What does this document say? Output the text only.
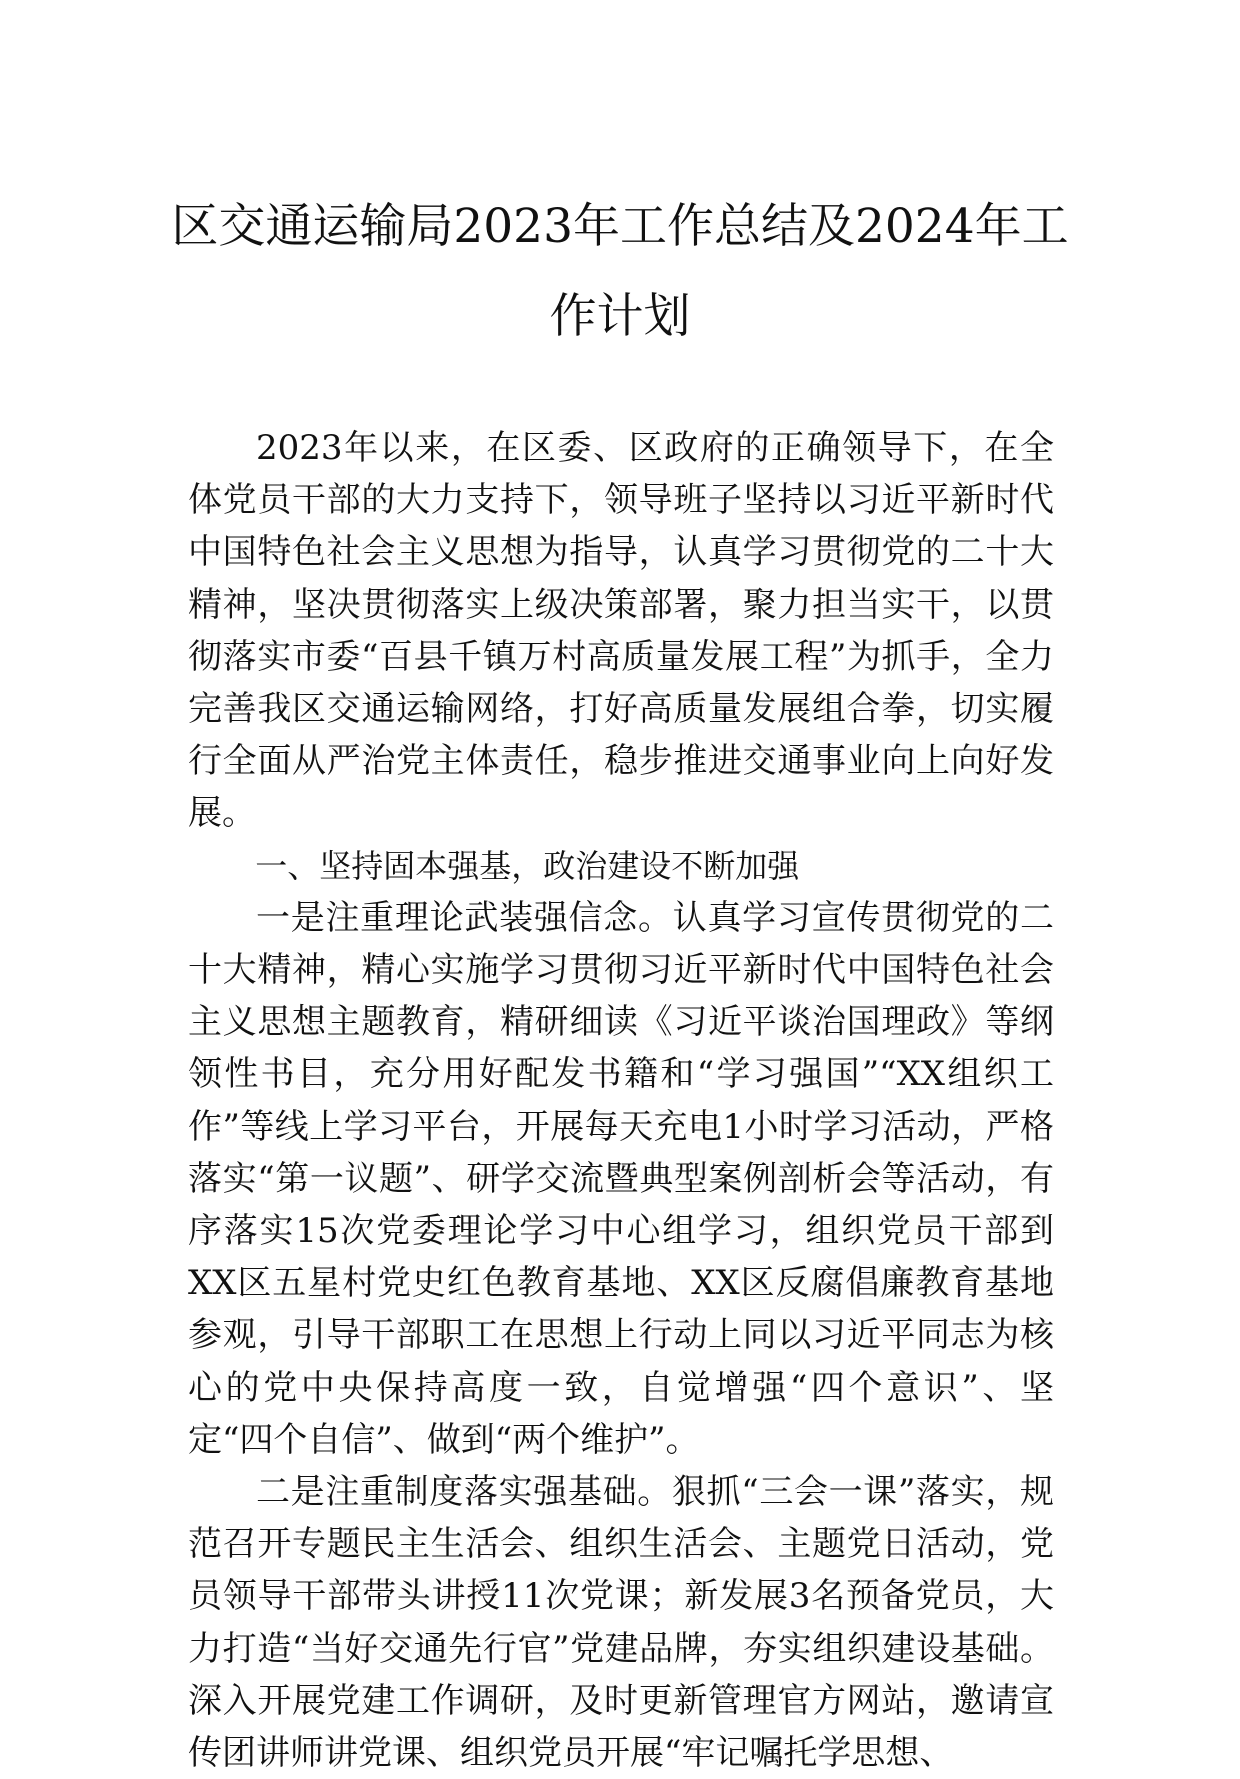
区交通运输局2023年工作总结及2024年工作计划

2023年以来，在区委、区政府的正确领导下，在全体党员干部的大力支持下，领导班子坚持以习近平新时代中国特色社会主义思想为指导，认真学习贯彻党的二十大精神，坚决贯彻落实上级决策部署，聚力担当实干，以贯彻落实市委“百县千镇万村高质量发展工程”为抓手，全力完善我区交通运输网络，打好高质量发展组合拳，切实履行全面从严治党主体责任，稳步推进交通事业向上向好发展。

一、坚持固本强基，政治建设不断加强

一是注重理论武装强信念。认真学习宣传贯彻党的二十大精神，精心实施学习贯彻习近平新时代中国特色社会主义思想主题教育，精研细读《习近平谈治国理政》等纲领性书目，充分用好配发书籍和“学习强国”“XX组织工作”等线上学习平台，开展每天充电1小时学习活动，严格落实“第一议题”、研学交流暨典型案例剖析会等活动，有序落实15次党委理论学习中心组学习，组织党员干部到XX区五星村党史红色教育基地、XX区反腐倡廉教育基地参观，引导干部职工在思想上行动上同以习近平同志为核心的党中央保持高度一致，自觉增强“四个意识”、坚定“四个自信”、做到“两个维护”。

二是注重制度落实强基础。狠抓“三会一课”落实，规范召开专题民主生活会、组织生活会、主题党日活动，党员领导干部带头讲授11次党课；新发展3名预备党员，大力打造“当好交通先行官”党建品牌，夯实组织建设基础。深入开展党建工作调研，及时更新管理官方网站，邀请宣传团讲师讲党课、组织党员开展“牢记嘱托学思想、
